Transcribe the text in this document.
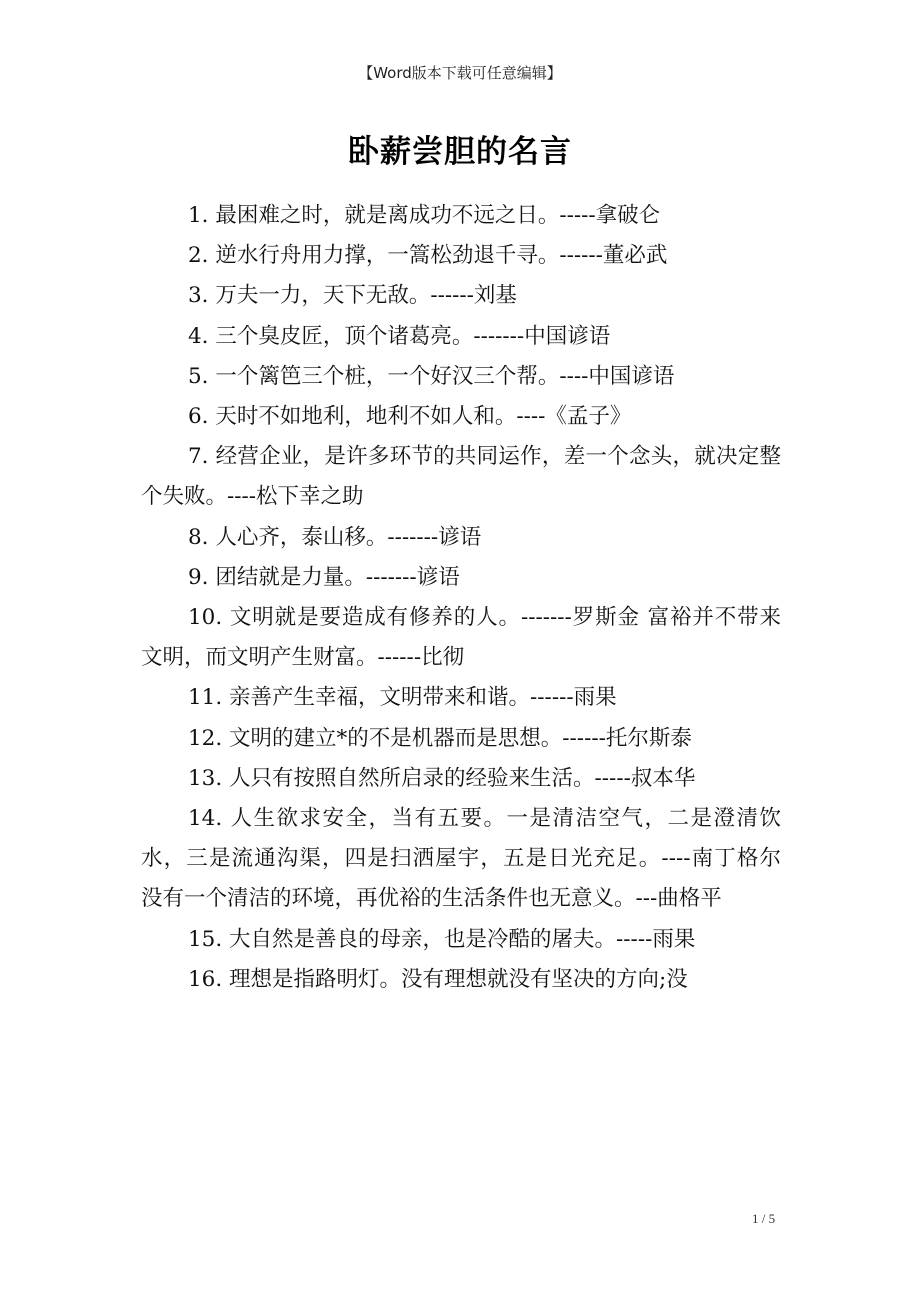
【Word版本下载可任意编辑】
卧薪尝胆的名言

1. 最困难之时，就是离成功不远之日。-----拿破仑

2. 逆水行舟用力撑，一篙松劲退千寻。------董必武

3. 万夫一力，天下无敌。------刘基

4. 三个臭皮匠，顶个诸葛亮。-------中国谚语

5. 一个篱笆三个桩，一个好汉三个帮。----中国谚语

6. 天时不如地利，地利不如人和。----《孟子》

7. 经营企业，是许多环节的共同运作，差一个念头，就决定整个失败。----松下幸之助

8. 人心齐，泰山移。-------谚语

9. 团结就是力量。-------谚语

10. 文明就是要造成有修养的人。-------罗斯金 富裕并不带来文明，而文明产生财富。------比彻

11. 亲善产生幸福，文明带来和谐。------雨果

12. 文明的建立*的不是机器而是思想。------托尔斯泰

13. 人只有按照自然所启录的经验来生活。-----叔本华

14. 人生欲求安全，当有五要。一是清洁空气，二是澄清饮水，三是流通沟渠，四是扫洒屋宇，五是日光充足。----南丁格尔  没有一个清洁的环境，再优裕的生活条件也无意义。---曲格平

15. 大自然是善良的母亲，也是冷酷的屠夫。-----雨果

16. 理想是指路明灯。没有理想就没有坚决的方向;没

1 / 5
